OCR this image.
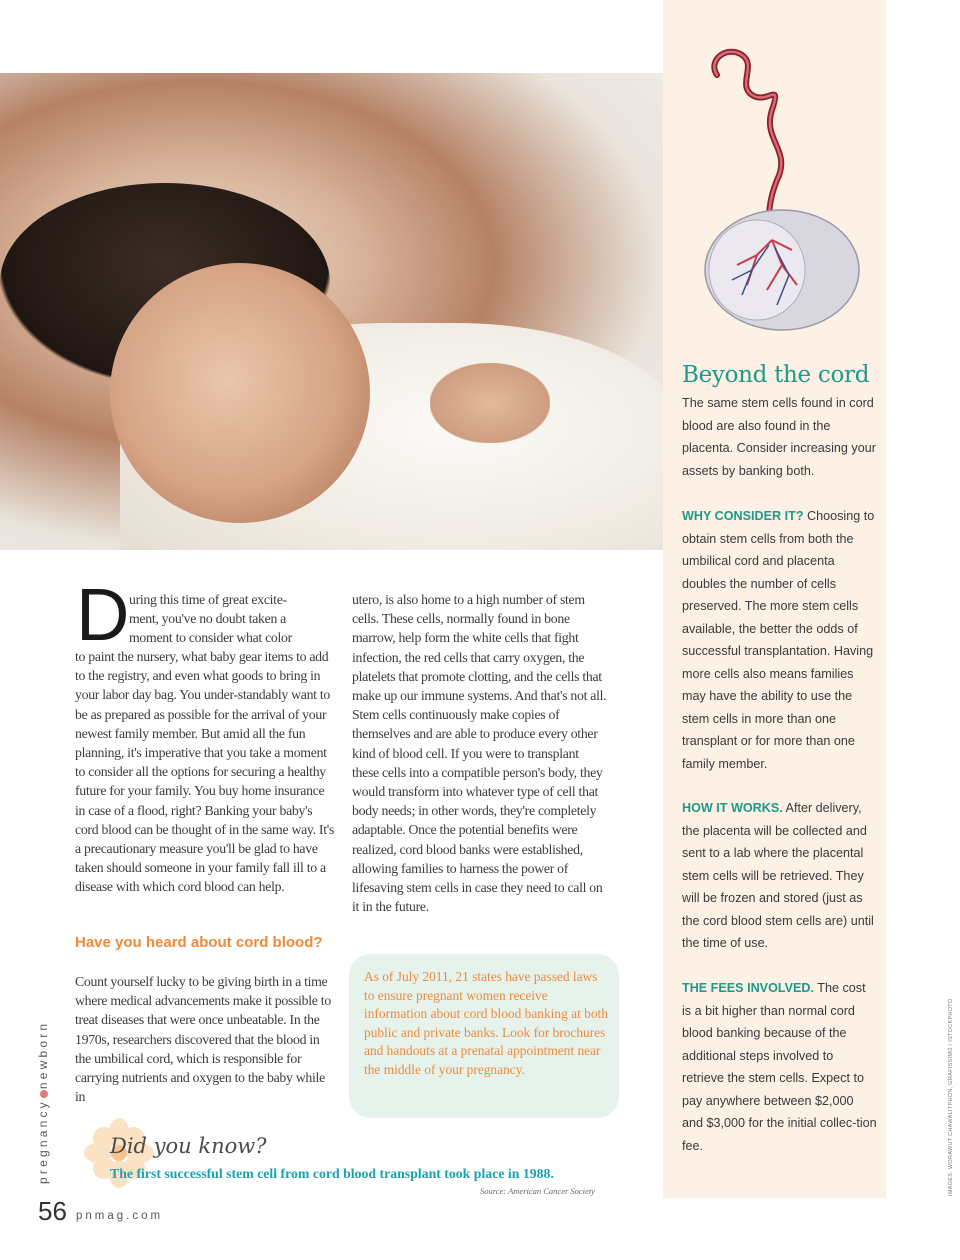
Beyond the cord
The same stem cells found in cord blood are also found in the placenta. Consider increasing your assets by banking both.
WHY CONSIDER IT? Choosing to obtain stem cells from both the umbilical cord and placenta doubles the number of cells preserved. The more stem cells available, the better the odds of successful transplantation. Having more cells also means families may have the ability to use the stem cells in more than one transplant or for more than one family member.
HOW IT WORKS. After delivery, the placenta will be collected and sent to a lab where the placental stem cells will be retrieved. They will be frozen and stored (just as the cord blood stem cells are) until the time of use.
THE FEES INVOLVED. The cost is a bit higher than normal cord blood banking because of the additional steps involved to retrieve the stem cells. Expect to pay anywhere between $2,000 and $3,000 for the initial collec-tion fee.
D uring this time of great excite-

ment, you've no doubt taken a

moment to consider what color

to paint the nursery, what baby gear items to add to the registry, and even what goods to bring in your labor day bag. You under-standably want to be as prepared as possible for the arrival of your newest family member. But amid all the fun planning, it's imperative that you take a moment to consider all the options for securing a healthy future for your family. You buy home insurance in case of a flood, right? Banking your baby's cord blood can be thought of in the same way. It's a precautionary measure you'll be glad to have taken should someone in your family fall ill to a disease with which cord blood can help.
Have you heard about cord blood?
Count yourself lucky to be giving birth in a time where medical advancements make it possible to treat diseases that were once unbeatable. In the 1970s, researchers discovered that the blood in the umbilical cord, which is responsible for carrying nutrients and oxygen to the baby while in
utero, is also home to a high number of stem cells. These cells, normally found in bone marrow, help form the white cells that fight infection, the red cells that carry oxygen, the platelets that promote clotting, and the cells that make up our immune systems. And that's not all. Stem cells continuously make copies of themselves and are able to produce every other kind of blood cell. If you were to transplant these cells into a compatible person's body, they would transform into whatever type of cell that body needs; in other words, they're completely adaptable. Once the potential benefits were realized, cord blood banks were established, allowing families to harness the power of lifesaving stem cells in case they need to call on it in the future.
As of July 2011, 21 states have passed laws to ensure pregnant women receive information about cord blood banking at both public and private banks. Look for brochures and handouts at a prenatal appointment near the middle of your pregnancy.
Did you know?
The first successful stem cell from cord blood transplant took place in 1988.
Source: American Cancer Society
pregnancynewborn
56 pnmag.com
IMAGES: WORAWUT CHAWALITPHON, GRAFISSIMO / ISTOCKPHOTO
